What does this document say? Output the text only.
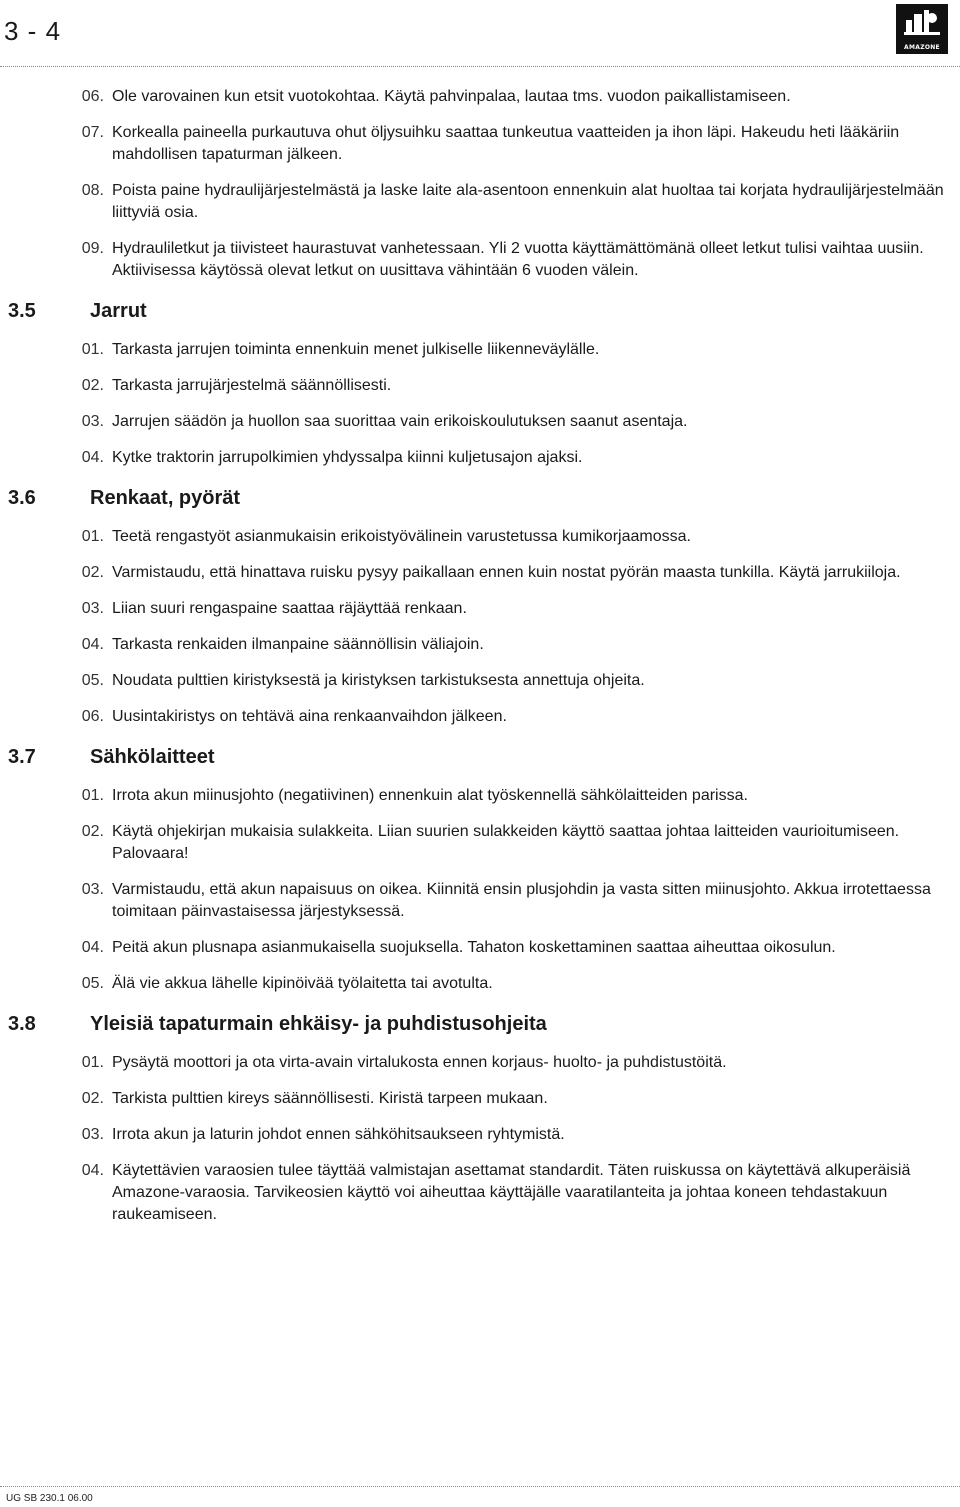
3 - 4
AMAZONE
06. Ole varovainen kun etsit vuotokohtaa. Käytä pahvinpalaa, lautaa tms. vuodon paikallistamiseen.
07. Korkealla paineella purkautuva ohut öljysuihku saattaa tunkeutua vaatteiden ja ihon läpi. Hakeudu heti lääkäriin mahdollisen tapaturman jälkeen.
08. Poista paine hydraulijärjestelmästä ja laske laite ala-asentoon ennenkuin alat huoltaa tai korjata hydraulijärjestelmään liittyviä osia.
09. Hydrauliletkut ja tiivisteet haurastuvat vanhetessaan. Yli 2 vuotta käyttämättömänä olleet letkut tulisi vaihtaa uusiin. Aktiivisessa käytössä olevat letkut on uusittava vähintään 6 vuoden välein.
3.5	Jarrut
01. Tarkasta jarrujen toiminta ennenkuin menet julkiselle liikenneväylälle.
02. Tarkasta jarrujärjestelmä säännöllisesti.
03. Jarrujen säädön ja huollon saa suorittaa vain erikoiskoulutuksen saanut asentaja.
04. Kytke traktorin jarrupolkimien yhdyssalpa kiinni kuljetusajon ajaksi.
3.6	Renkaat, pyörät
01. Teetä rengastyöt asianmukaisin erikoistyövälinein varustetussa kumikorjaamossa.
02. Varmistaudu, että hinattava ruisku pysyy paikallaan ennen kuin nostat pyörän maasta tunkilla. Käytä jarrukiiloja.
03. Liian suuri rengaspaine saattaa räjäyttää renkaan.
04. Tarkasta renkaiden ilmanpaine säännöllisin väliajoin.
05. Noudata pulttien kiristyksestä ja kiristyksen tarkistuksesta annettuja ohjeita.
06. Uusintakiristys on tehtävä aina renkaanvaihdon jälkeen.
3.7	Sähkölaitteet
01. Irrota akun miinusjohto (negatiivinen) ennenkuin alat työskennellä sähkölaitteiden parissa.
02. Käytä ohjekirjan mukaisia sulakkeita. Liian suurien sulakkeiden käyttö saattaa johtaa laitteiden vaurioitumiseen. Palovaara!
03. Varmistaudu, että akun napaisuus on oikea. Kiinnitä ensin plusjohdin ja vasta sitten miinusjohto. Akkua irrotettaessa toimitaan päinvastaisessa järjestyksessä.
04. Peitä akun plusnapa asianmukaisella suojuksella. Tahaton koskettaminen saattaa aiheuttaa oikosulun.
05. Älä vie akkua lähelle kipinöivää työlaitetta tai avotulta.
3.8	Yleisiä tapaturmain ehkäisy- ja puhdistusohjeita
01. Pysäytä moottori ja ota virta-avain virtalukosta ennen korjaus- huolto- ja puhdistustöitä.
02. Tarkista pulttien kireys säännöllisesti. Kiristä tarpeen mukaan.
03. Irrota akun ja laturin johdot ennen sähköhitsaukseen ryhtymistä.
04. Käytettävien varaosien tulee täyttää valmistajan asettamat standardit. Täten ruiskussa on käytettävä alkuperäisiä Amazone-varaosia. Tarvikeosien käyttö voi aiheuttaa käyttäjälle vaaratilanteita ja johtaa koneen tehdastakuun raukeamiseen.
UG SB 230.1 06.00
